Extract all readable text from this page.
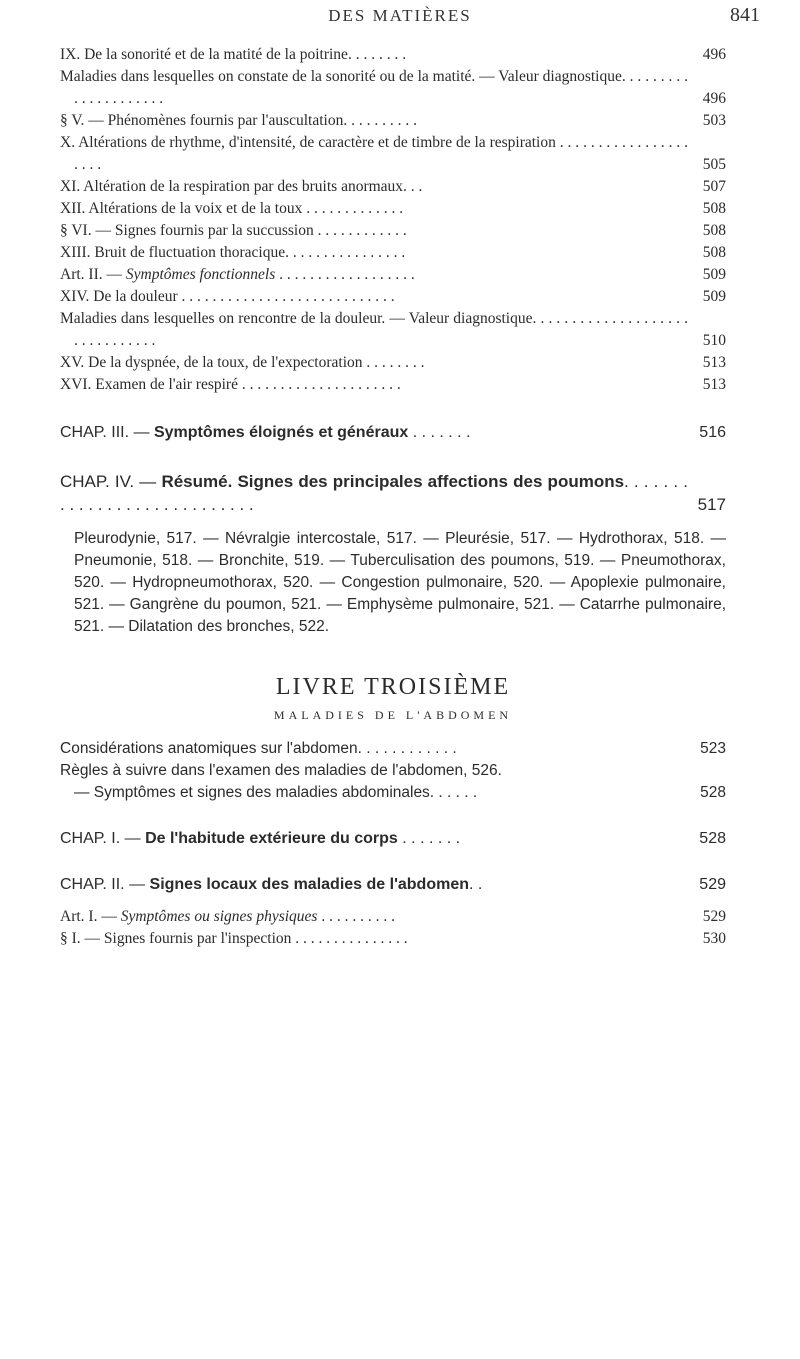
DES MATIÈRES	841
IX. De la sonorité et de la matité de la poitrine. . . . . . . .	496
Maladies dans lesquelles on constate de la sonorité ou de la matité. — Valeur diagnostique. . . . . . . . . . . . . . . . . . . . .	496
§ V. — Phénomènes fournis par l'auscultation. . . . . . . . . .	503
X. Altérations de rhythme, d'intensité, de caractère et de timbre de la respiration . . . . . . . . . . . . . . . . . . . . .	505
XI. Altération de la respiration par des bruits anormaux. . .	507
XII. Altérations de la voix et de la toux . . . . . . . . . . . . .	508
§ VI. — Signes fournis par la succussion . . . . . . . . . . . .	508
XIII. Bruit de fluctuation thoracique. . . . . . . . . . . . . . . .	508
Art. II. — Symptômes fonctionnels . . . . . . . . . . . . . . . . . .	509
XIV. De la douleur . . . . . . . . . . . . . . . . . . . . . . . . . . . .	509
Maladies dans lesquelles on rencontre de la douleur. — Valeur diagnostique. . . . . . . . . . . . . . . . . . . . . . . . . . . . . . .	510
XV. De la dyspnée, de la toux, de l'expectoration . . . . . . . .	513
XVI. Examen de l'air respiré . . . . . . . . . . . . . . . . . . . . .	513
CHAP. III. — Symptômes éloignés et généraux . . . . . . .	516
CHAP. IV. — Résumé. Signes des principales affections des poumons. . . . . . . . . . . . . . . . . . . . . . . . . . . .	517
Pleurodynie, 517. — Névralgie intercostale, 517. — Pleurésie, 517. — Hydrothorax, 518. — Pneumonie, 518. — Bronchite, 519. — Tuberculisation des poumons, 519. — Pneumothorax, 520. — Hydropneumothorax, 520. — Congestion pulmonaire, 520. — Apoplexie pulmonaire, 521. — Gangrène du poumon, 521. — Emphysème pulmonaire, 521. — Catarrhe pulmonaire, 521. — Dilatation des bronches, 522.
LIVRE TROISIÈME
MALADIES DE L'ABDOMEN
Considérations anatomiques sur l'abdomen. . . . . . . . . . . .	523
Règles à suivre dans l'examen des maladies de l'abdomen, 526.
— Symptômes et signes des maladies abdominales. . . . . .	528
CHAP. I. — De l'habitude extérieure du corps . . . . . . .	528
CHAP. II. — Signes locaux des maladies de l'abdomen. .	529
Art. I. — Symptômes ou signes physiques . . . . . . . . . .	529
§ I. — Signes fournis par l'inspection . . . . . . . . . . . . . . .	530
